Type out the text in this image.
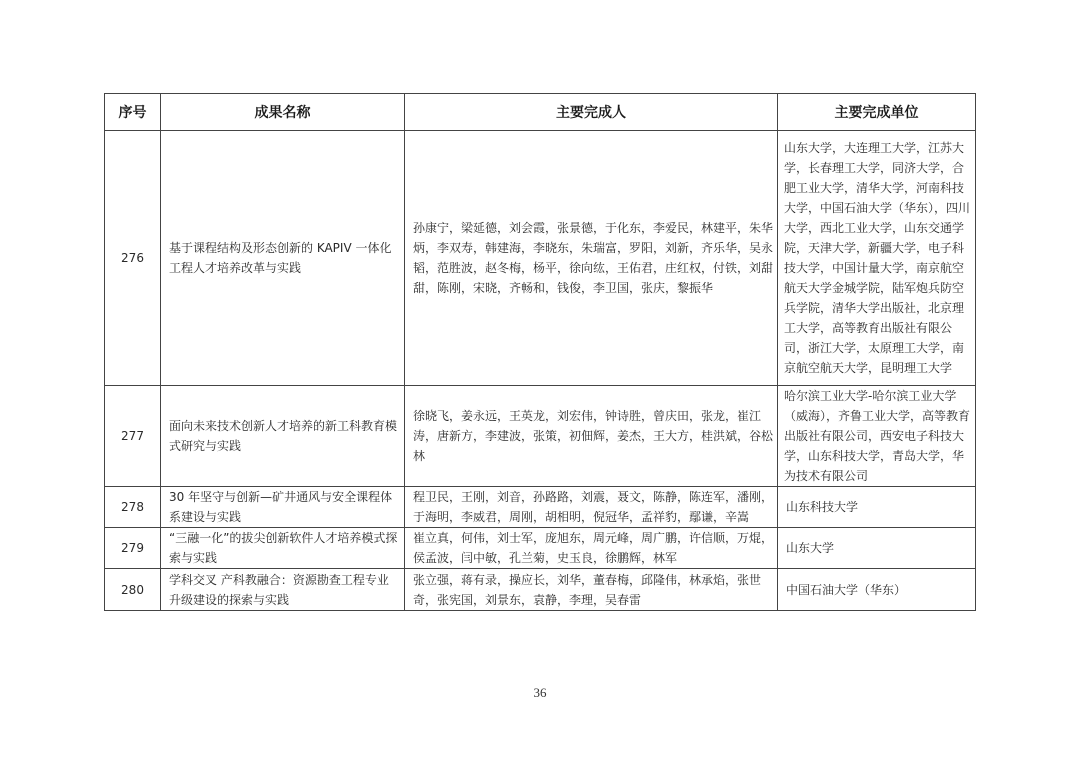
序号	成果名称	主要完成人	主要完成单位
276	基于课程结构及形态创新的 KAPIV 一体化工程人才培养改革与实践	孙康宁，梁延德，刘会霞，张景德，于化东，李爱民，林建平，朱华炳，李双寿，韩建海，李晓东，朱瑞富，罗阳，刘新，齐乐华，吴永韬，范胜波，赵冬梅，杨平，徐向纮，王佑君，庄红权，付铁，刘甜甜，陈刚，宋晓，齐畅和，钱俊，李卫国，张庆，黎振华	山东大学，大连理工大学，江苏大学，长春理工大学，同济大学，合肥工业大学，清华大学，河南科技大学，中国石油大学（华东），四川大学，西北工业大学，山东交通学院，天津大学，新疆大学，电子科技大学，中国计量大学，南京航空航天大学金城学院，陆军炮兵防空兵学院，清华大学出版社，北京理工大学，高等教育出版社有限公司，浙江大学，太原理工大学，南京航空航天大学，昆明理工大学
277	面向未来技术创新人才培养的新工科教育模式研究与实践	徐晓飞，姜永远，王英龙，刘宏伟，钟诗胜，曾庆田，张龙，崔江涛，唐新方，李建波，张策，初佃辉，姜杰，王大方，桂洪斌，谷松林	哈尔滨工业大学-哈尔滨工业大学（威海），齐鲁工业大学，高等教育出版社有限公司，西安电子科技大学，山东科技大学，青岛大学，华为技术有限公司
278	30 年坚守与创新—矿井通风与安全课程体系建设与实践	程卫民，王刚，刘音，孙路路，刘震，聂文，陈静，陈连军，潘刚，于海明，李威君，周刚，胡相明，倪冠华，孟祥豹，鄢谦，辛嵩	山东科技大学
279	“三融一化”的拔尖创新软件人才培养模式探索与实践	崔立真，何伟，刘士军，庞旭东，周元峰，周广鹏，许信顺，万焜，侯孟波，闫中敏，孔兰菊，史玉良，徐鹏辉，林军	山东大学
280	学科交叉 产科教融合：资源勘查工程专业升级建设的探索与实践	张立强，蒋有录，操应长，刘华，董春梅，邱隆伟，林承焰，张世奇，张宪国，刘景东，袁静，李理，吴春雷	中国石油大学（华东）
36
